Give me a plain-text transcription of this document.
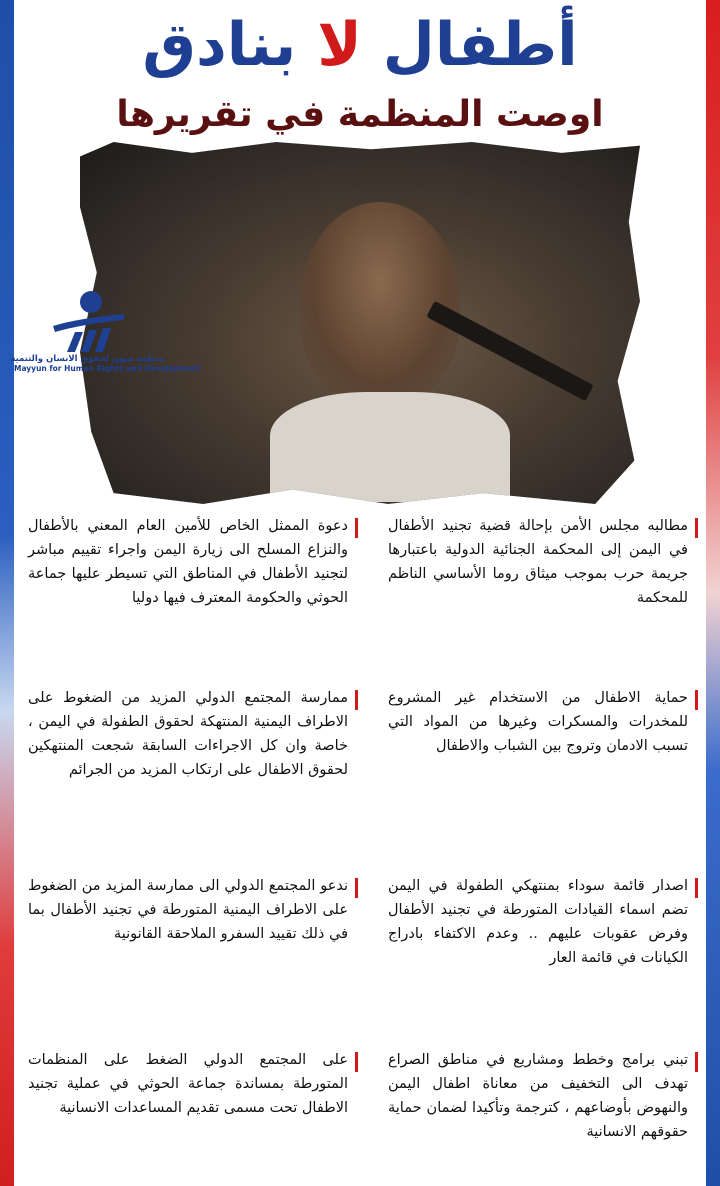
أطفال لا بنادق
اوصت المنظمة في تقريرها
منظمة ميون لحقوق الانسان والتنمية
Mayyun for Human Rights and Development
مطالبه مجلس الأمن بإحالة قضية تجنيد الأطفال في اليمن إلى المحكمة الجنائية الدولية باعتبارها جريمة حرب بموجب ميثاق روما الأساسي الناظم للمحكمة
دعوة الممثل الخاص للأمين العام المعني بالأطفال والنزاع المسلح الى زيارة اليمن واجراء تقييم مباشر لتجنيد الأطفال في المناطق التي تسيطر عليها جماعة الحوثي والحكومة المعترف فيها دوليا
حماية الاطفال من الاستخدام غير المشروع للمخدرات والمسكرات وغيرها من المواد التي تسبب الادمان وتروج بين الشباب والاطفال
ممارسة المجتمع الدولي المزيد من الضغوط على الاطراف اليمنية المنتهكة لحقوق الطفولة في اليمن ، خاصة وان كل الاجراءات السابقة شجعت المنتهكين لحقوق الاطفال على ارتكاب المزيد من الجرائم
اصدار قائمة سوداء بمنتهكي الطفولة في اليمن تضم اسماء القيادات المتورطة في تجنيد الأطفال وفرض عقوبات عليهم .. وعدم الاكتفاء بادراج الكيانات في قائمة العار
ندعو المجتمع الدولي الى ممارسة المزيد من الضغوط على الاطراف اليمنية المتورطة في تجنيد الأطفال بما في ذلك تقييد السفرو الملاحقة القانونية
تبني برامج وخطط ومشاريع في مناطق الصراع تهدف الى التخفيف من معاناة اطفال اليمن والنهوض بأوضاعهم ، كترجمة وتأكيدا لضمان حماية حقوقهم الانسانية
على المجتمع الدولي الضغط على المنظمات المتورطة بمساندة جماعة الحوثي في عملية تجنيد الاطفال تحت مسمى تقديم المساعدات الانسانية
